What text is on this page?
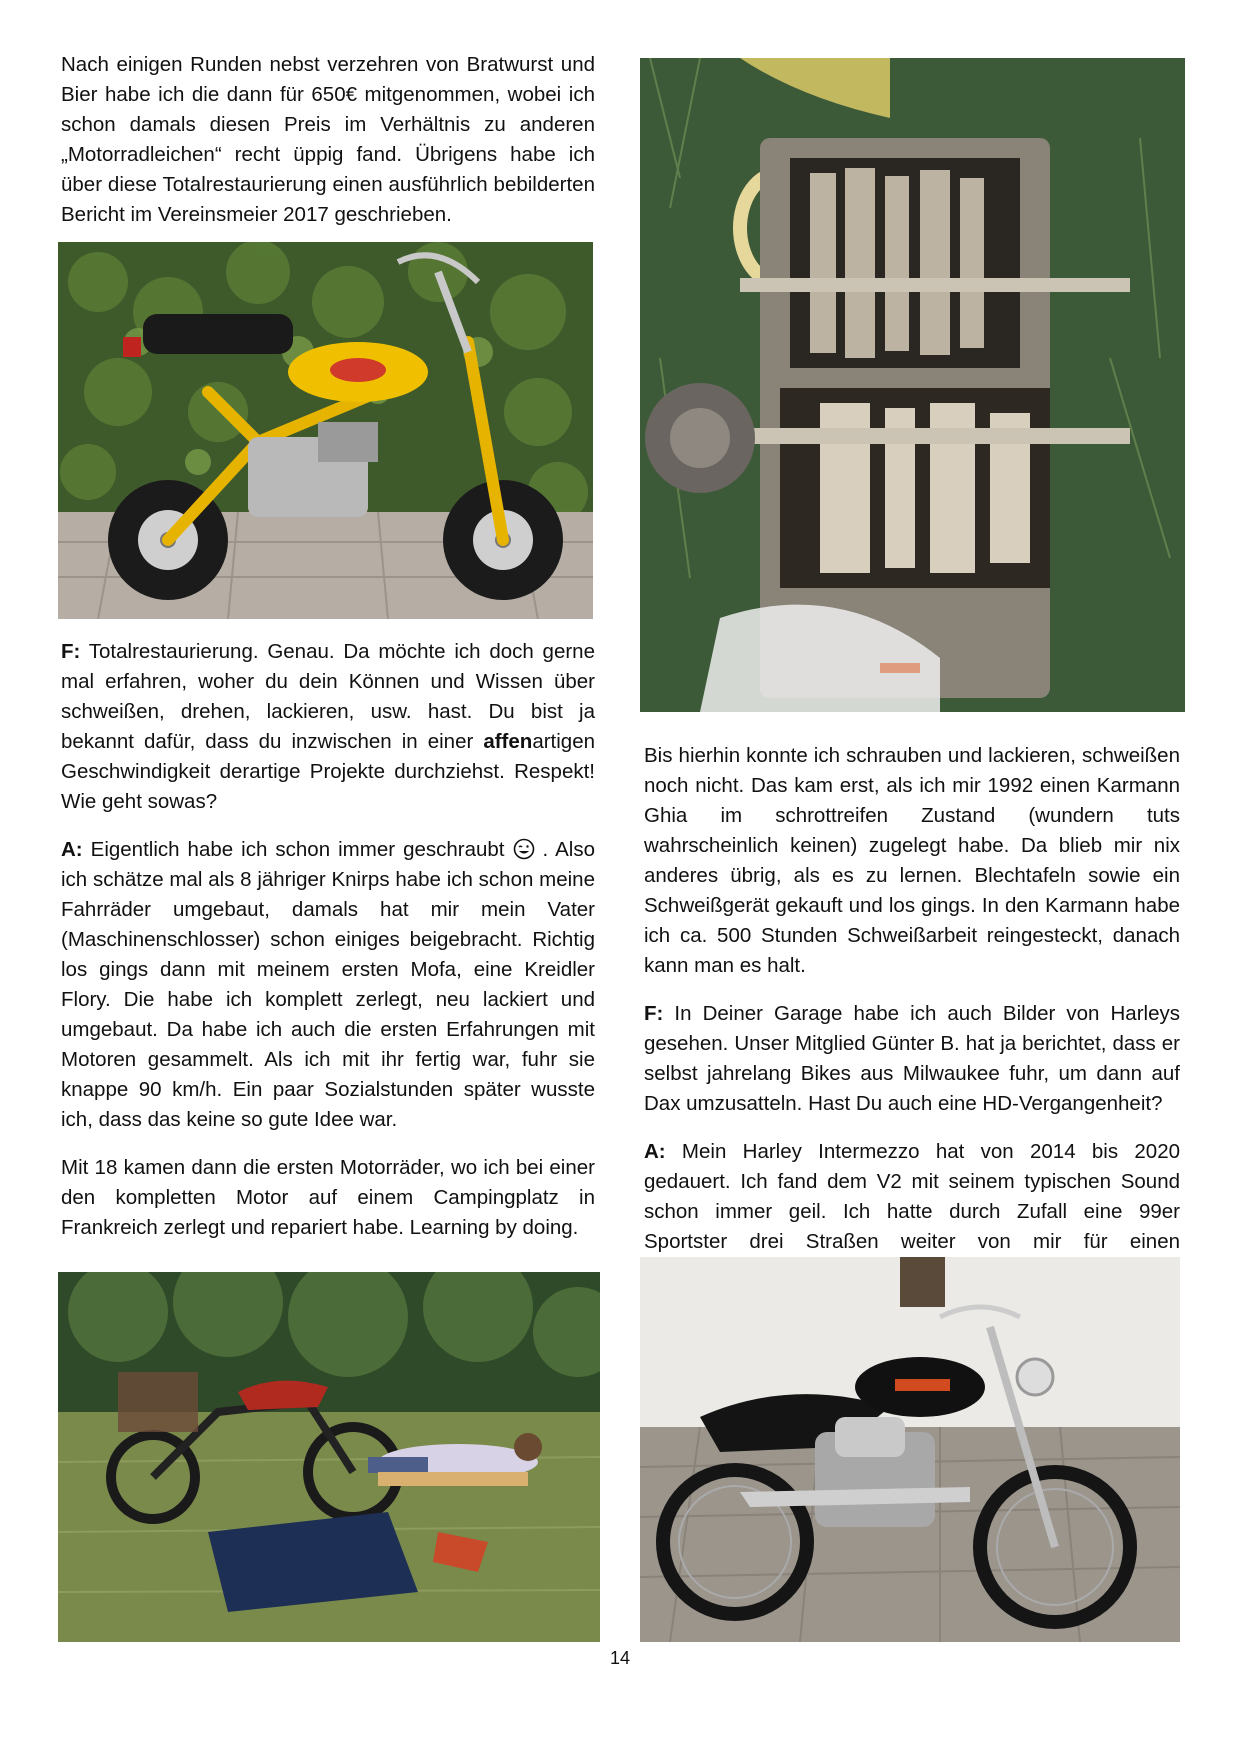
Nach einigen Runden nebst verzehren von Bratwurst und Bier habe ich die dann für 650€ mitgenommen, wobei ich schon damals diesen Preis im Verhältnis zu anderen „Motorradleichen“ recht üppig fand. Übrigens habe ich über diese Totalrestaurierung einen ausführlich bebilderten Bericht im Vereinsmeier 2017 geschrieben.

F: Totalrestaurierung. Genau. Da möchte ich doch gerne mal erfahren, woher du dein Können und Wissen über schweißen, drehen, lackieren, usw. hast. Du bist ja bekannt dafür, dass du inzwischen in einer affenartigen Geschwindigkeit derartige Projekte durchziehst. Respekt! Wie geht sowas?

A: Eigentlich habe ich schon immer geschraubt  . Also ich schätze mal als 8 jähriger Knirps habe ich schon meine Fahrräder umgebaut, damals hat mir mein Vater (Maschinenschlosser) schon einiges beigebracht. Richtig los gings dann mit meinem ersten Mofa, eine Kreidler Flory. Die habe ich komplett zerlegt, neu lackiert und umgebaut. Da habe ich auch die ersten Erfahrungen mit Motoren gesammelt. Als ich mit ihr fertig war, fuhr sie knappe 90 km/h. Ein paar Sozialstunden später wusste ich, dass das keine so gute Idee war.

Mit 18 kamen dann die ersten Motorräder, wo ich bei einer den kompletten Motor auf einem Campingplatz in Frankreich zerlegt und repariert habe. Learning by doing.

Bis hierhin konnte ich schrauben und lackieren, schweißen noch nicht. Das kam erst, als ich mir 1992 einen Karmann Ghia im schrottreifen Zustand (wundern tuts wahrscheinlich keinen) zugelegt habe. Da blieb mir nix anderes übrig, als es zu lernen. Blechtafeln sowie ein Schweißgerät gekauft und los gings. In den Karmann habe ich ca. 500 Stunden Schweißarbeit reingesteckt, danach kann man es halt.

F: In Deiner Garage habe ich auch Bilder von Harleys gesehen. Unser Mitglied Günter B. hat ja berichtet, dass er selbst jahrelang Bikes aus Milwaukee fuhr, um dann auf Dax umzusatteln. Hast Du auch eine HD-Vergangenheit?

A: Mein Harley Intermezzo hat von 2014 bis 2020 gedauert. Ich fand dem V2 mit seinem typischen Sound schon immer geil. Ich hatte durch Zufall eine 99er Sportster drei Straßen weiter von mir für einen

14
